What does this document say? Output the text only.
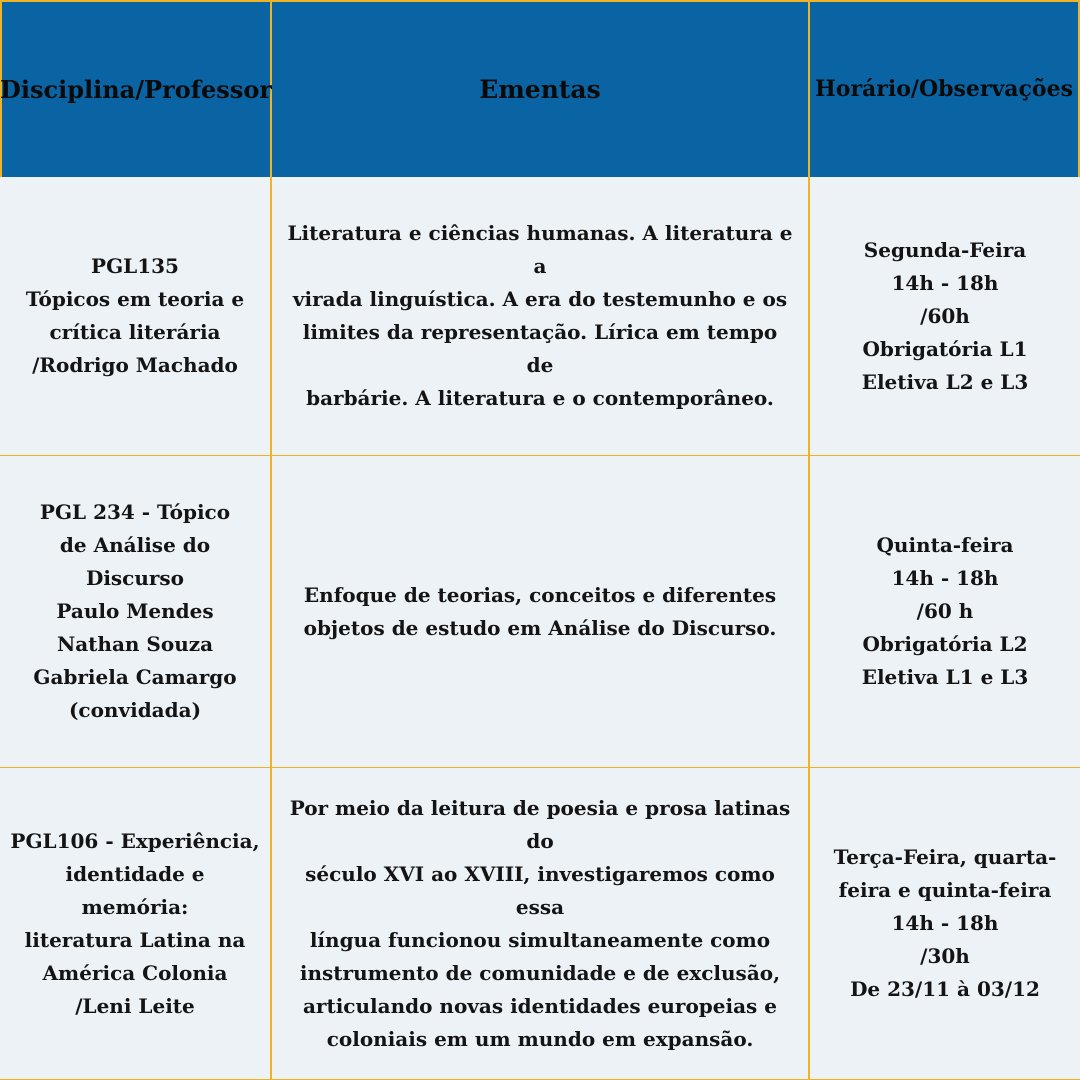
Disciplina/Professor	Ementas	Horário/Observações
PGL135
Tópicos em teoria e
crítica literária
/Rodrigo Machado
Literatura e ciências humanas. A literatura e a
virada linguística. A era do testemunho e os
limites da representação. Lírica em tempo de
barbárie. A literatura e o contemporâneo.
Segunda-Feira
14h - 18h
/60h
Obrigatória L1
Eletiva L2 e L3
PGL 234 - Tópico
de Análise do Discurso
Paulo Mendes
Nathan Souza
Gabriela Camargo
(convidada)
Enfoque de teorias, conceitos e diferentes
objetos de estudo em Análise do Discurso.
Quinta-feira
14h - 18h
/60 h
Obrigatória L2
Eletiva L1 e L3
PGL106 - Experiência,
identidade e memória:
literatura Latina na
América Colonia
/Leni Leite
Por meio da leitura de poesia e prosa latinas do
século XVI ao XVIII, investigaremos como essa
língua funcionou simultaneamente como
instrumento de comunidade e de exclusão,
articulando novas identidades europeias e
coloniais em um mundo em expansão.
Terça-Feira, quarta-
feira e quinta-feira
14h - 18h
/30h
De 23/11 à 03/12
